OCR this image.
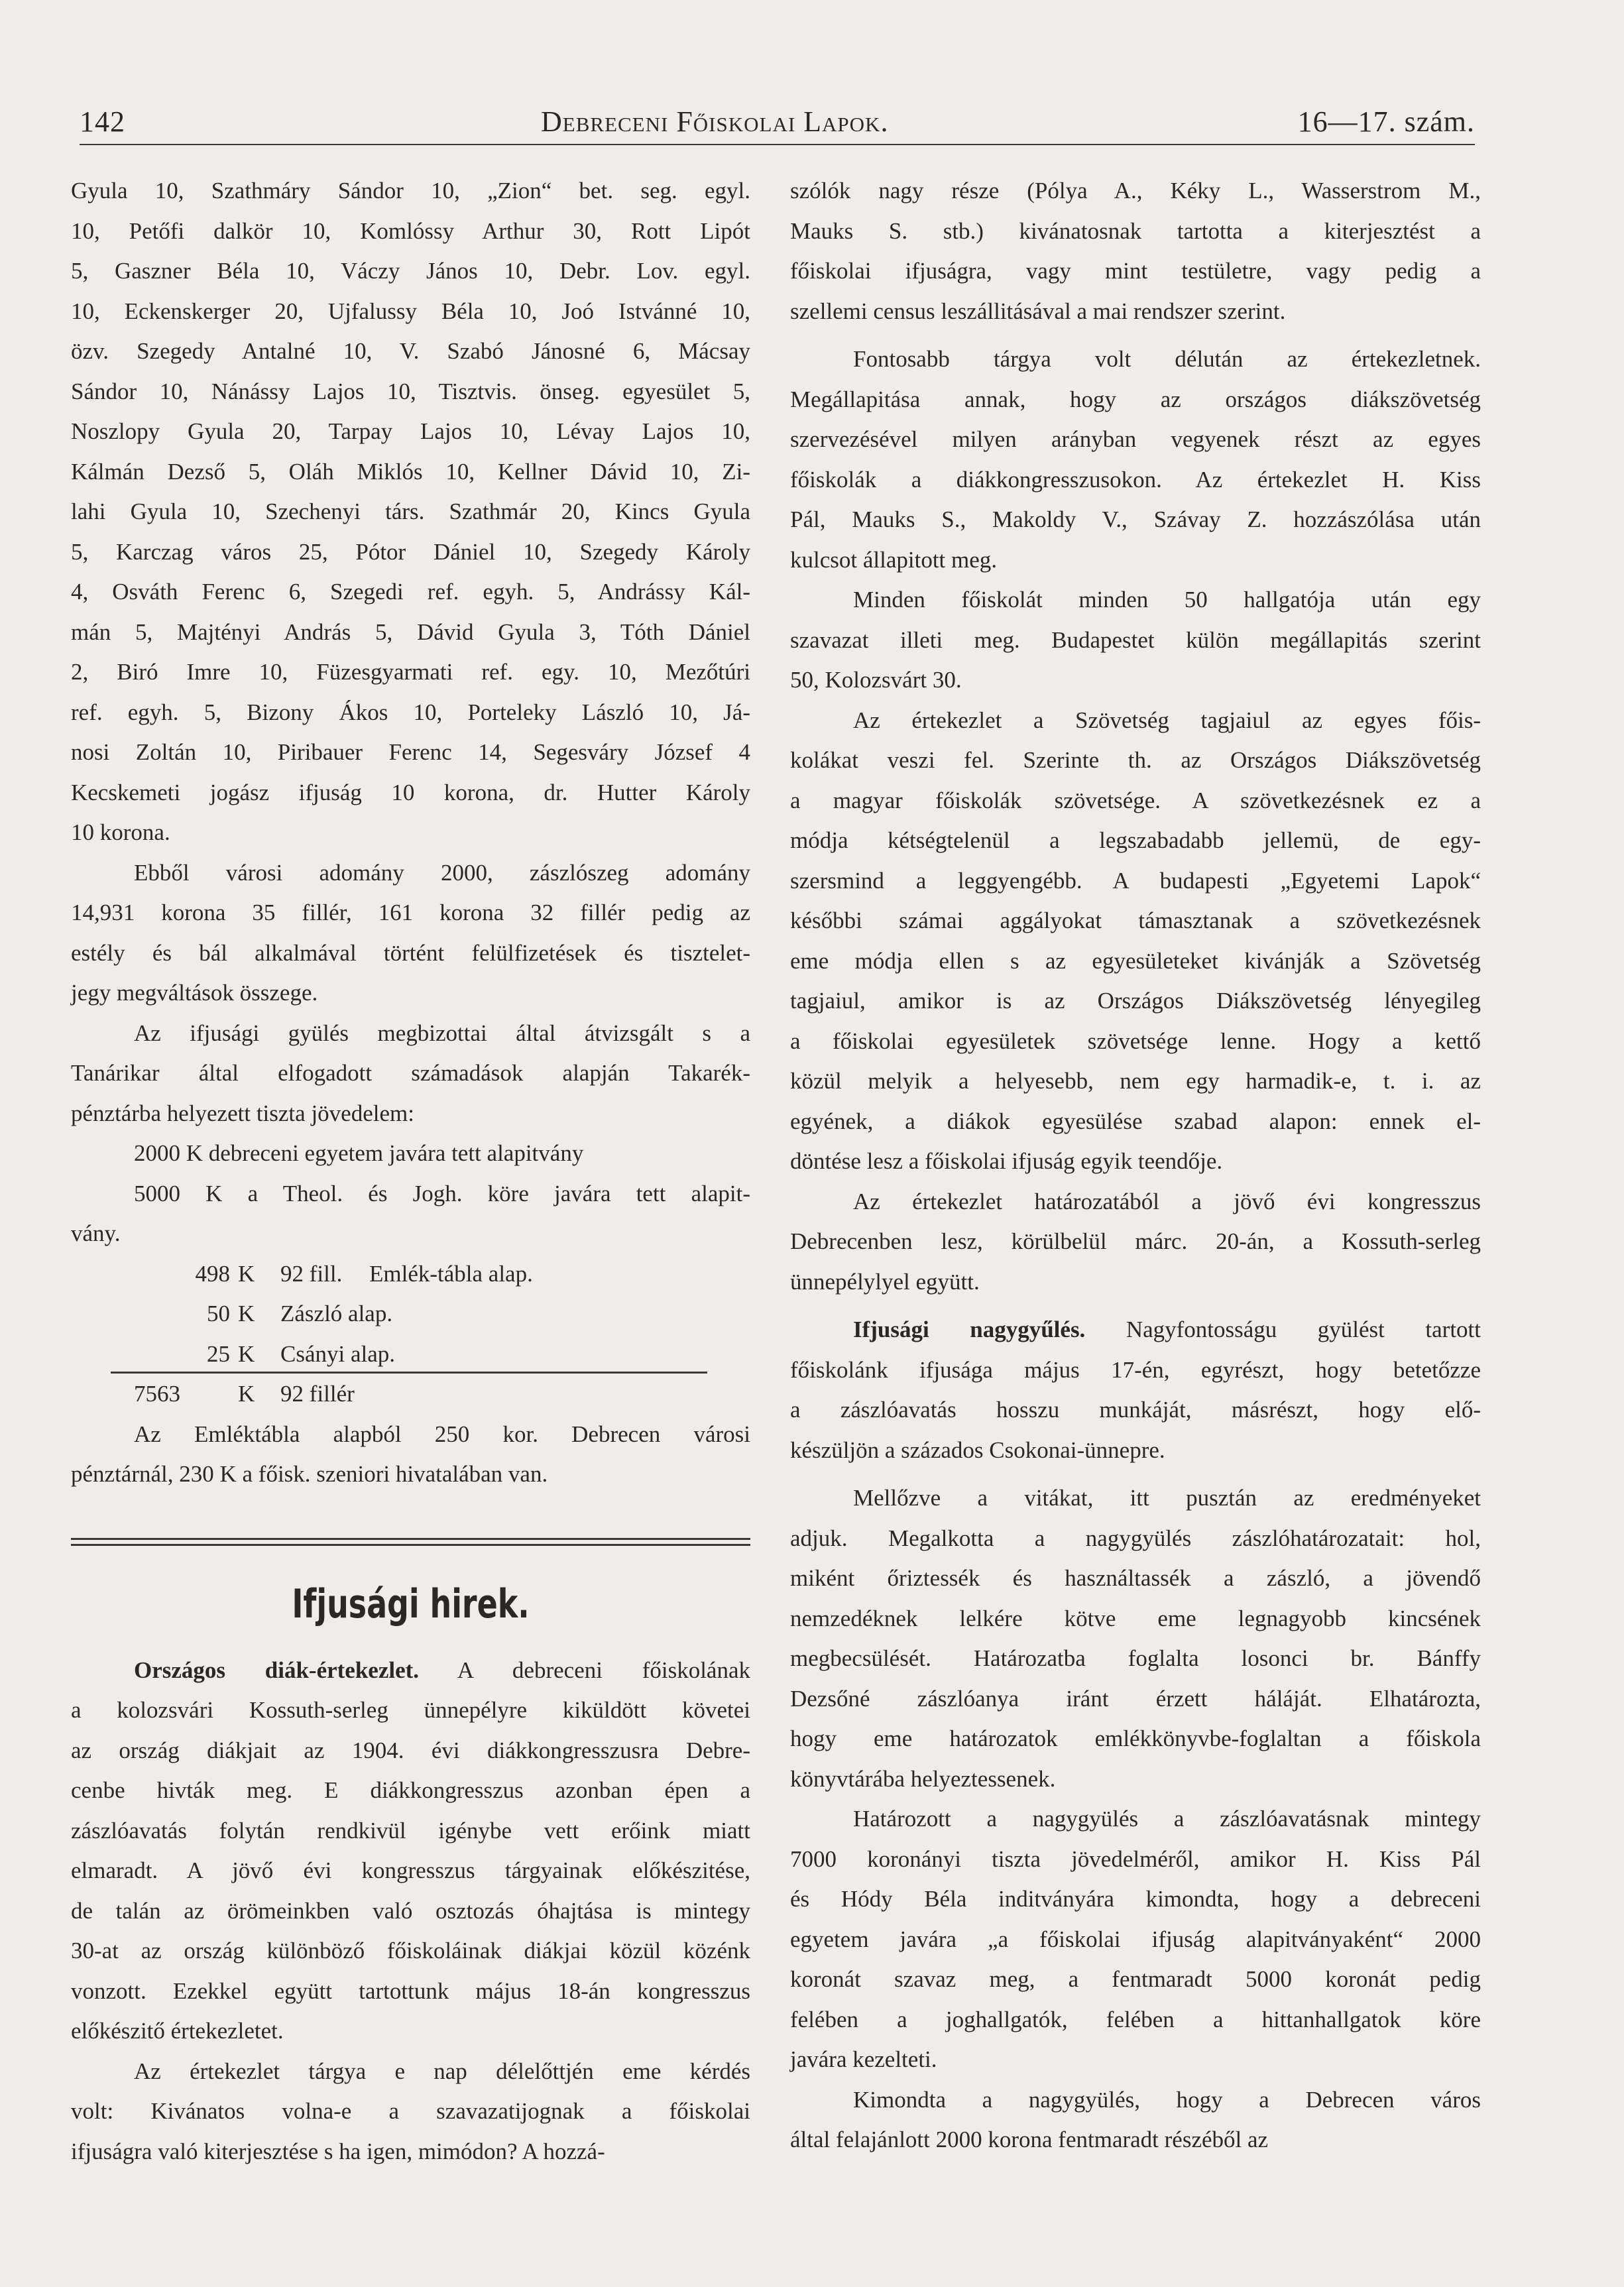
142	Debreceni Főiskolai Lapok.	16—17. szám.
Gyula 10, Szathmáry Sándor 10, „Zion“ bet. seg. egyl.
10, Petőfi dalkör 10, Komlóssy Arthur 30, Rott Lipót
5, Gaszner Béla 10, Váczy János 10, Debr. Lov. egyl.
10, Eckenskerger 20, Ujfalussy Béla 10, Joó Istvánné 10,
özv. Szegedy Antalné 10, V. Szabó Jánosné 6, Mácsay
Sándor 10, Nánássy Lajos 10, Tisztvis. önseg. egyesület 5,
Noszlopy Gyula 20, Tarpay Lajos 10, Lévay Lajos 10,
Kálmán Dezső 5, Oláh Miklós 10, Kellner Dávid 10, Zi-
lahi Gyula 10, Szechenyi társ. Szathmár 20, Kincs Gyula
5, Karczag város 25, Pótor Dániel 10, Szegedy Károly
4, Osváth Ferenc 6, Szegedi ref. egyh. 5, Andrássy Kál-
mán 5, Majtényi András 5, Dávid Gyula 3, Tóth Dániel
2, Biró Imre 10, Füzesgyarmati ref. egy. 10, Mezőtúri
ref. egyh. 5, Bizony Ákos 10, Porteleky László 10, Já-
nosi Zoltán 10, Piribauer Ferenc 14, Segesváry József 4
Kecskemeti jogász ifjuság 10 korona, dr. Hutter Károly
10 korona.
Ebből városi adomány 2000, zászlószeg adomány
14,931 korona 35 fillér, 161 korona 32 fillér pedig az
estély és bál alkalmával történt felülfizetések és tisztelet-
jegy megváltások összege.
Az ifjusági gyülés megbizottai által átvizsgált s a
Tanárikar által elfogadott számadások alapján Takarék-
pénztárba helyezett tiszta jövedelem:
2000 K debreceni egyetem javára tett alapitvány
5000 K a Theol. és Jogh. köre javára tett alapit-
vány.
498 K 92 fill. Emlék-tábla alap.
50 K Zászló alap.
25 K Csányi alap.
7563 K 92 fillér
Az Emléktábla alapból 250 kor. Debrecen városi
pénztárnál, 230 K a főisk. szeniori hivatalában van.
Ifjusági hirek.
Országos diák-értekezlet. A debreceni főiskolának
a kolozsvári Kossuth-serleg ünnepélyre kiküldött követei
az ország diákjait az 1904. évi diákkongresszusra Debre-
cenbe hivták meg. E diákkongresszus azonban épen a
zászlóavatás folytán rendkivül igénybe vett erőink miatt
elmaradt. A jövő évi kongresszus tárgyainak előkészitése,
de talán az örömeinkben való osztozás óhajtása is mintegy
30-at az ország különböző főiskoláinak diákjai közül közénk
vonzott. Ezekkel együtt tartottunk május 18-án kongresszus
előkészitő értekezletet.
Az értekezlet tárgya e nap délelőttjén eme kérdés
volt: Kivánatos volna-e a szavazatijognak a főiskolai
ifjuságra való kiterjesztése s ha igen, mimódon? A hozzá-
szólók nagy része (Pólya A., Kéky L., Wasserstrom M.,
Mauks S. stb.) kivánatosnak tartotta a kiterjesztést a
főiskolai ifjuságra, vagy mint testületre, vagy pedig a
szellemi census leszállitásával a mai rendszer szerint.
Fontosabb tárgya volt délután az értekezletnek.
Megállapitása annak, hogy az országos diákszövetség
szervezésével milyen arányban vegyenek részt az egyes
főiskolák a diákkongresszusokon. Az értekezlet H. Kiss
Pál, Mauks S., Makoldy V., Szávay Z. hozzászólása után
kulcsot állapitott meg.
Minden főiskolát minden 50 hallgatója után egy
szavazat illeti meg. Budapestet külön megállapitás szerint
50, Kolozsvárt 30.
Az értekezlet a Szövetség tagjaiul az egyes főis-
kolákat veszi fel. Szerinte th. az Országos Diákszövetség
a magyar főiskolák szövetsége. A szövetkezésnek ez a
módja kétségtelenül a legszabadabb jellemü, de egy-
szersmind a leggyengébb. A budapesti „Egyetemi Lapok“
későbbi számai aggályokat támasztanak a szövetkezésnek
eme módja ellen s az egyesületeket kivánják a Szövetség
tagjaiul, amikor is az Országos Diákszövetség lényegileg
a főiskolai egyesületek szövetsége lenne. Hogy a kettő
közül melyik a helyesebb, nem egy harmadik-e, t. i. az
egyének, a diákok egyesülése szabad alapon: ennek el-
döntése lesz a főiskolai ifjuság egyik teendője.
Az értekezlet határozatából a jövő évi kongresszus
Debrecenben lesz, körülbelül márc. 20-án, a Kossuth-serleg
ünnepélylyel együtt.
Ifjusági nagygyűlés. Nagyfontosságu gyülést tartott
főiskolánk ifjusága május 17-én, egyrészt, hogy betetőzze
a zászlóavatás hosszu munkáját, másrészt, hogy elő-
készüljön a százados Csokonai-ünnepre.
Mellőzve a vitákat, itt pusztán az eredményeket
adjuk. Megalkotta a nagygyülés zászlóhatározatait: hol,
miként őriztessék és használtassék a zászló, a jövendő
nemzedéknek lelkére kötve eme legnagyobb kincsének
megbecsülését. Határozatba foglalta losonci br. Bánffy
Dezsőné zászlóanya iránt érzett háláját. Elhatározta,
hogy eme határozatok emlékkönyvbe-foglaltan a főiskola
könyvtárába helyeztessenek.
Határozott a nagygyülés a zászlóavatásnak mintegy
7000 koronányi tiszta jövedelméről, amikor H. Kiss Pál
és Hódy Béla inditványára kimondta, hogy a debreceni
egyetem javára „a főiskolai ifjuság alapitványaként“ 2000
koronát szavaz meg, a fentmaradt 5000 koronát pedig
felében a joghallgatók, felében a hittanhallgatok köre
javára kezelteti.
Kimondta a nagygyülés, hogy a Debrecen város
által felajánlott 2000 korona fentmaradt részéből az
